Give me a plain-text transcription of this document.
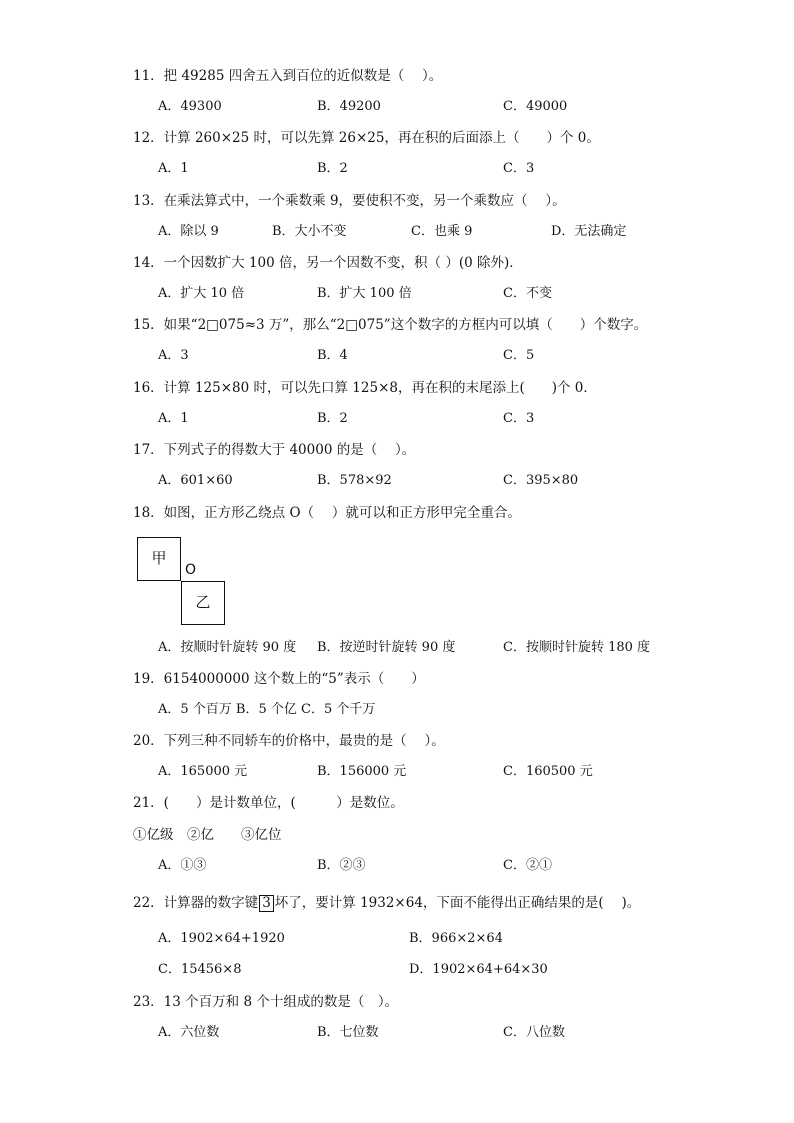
11．把 49285 四舍五入到百位的近似数是（　 ）。
A．49300	B．49200	C．49000
12．计算 260×25 时，可以先算 26×25，再在积的后面添上（　　）个 0。
A．1	B．2	C．3
13．在乘法算式中，一个乘数乘 9，要使积不变，另一个乘数应（　 ）。
A．除以 9	B．大小不变	C．也乘 9	D．无法确定
14．一个因数扩大 100 倍，另一个因数不变，积（ ）(0 除外)．
A．扩大 10 倍	B．扩大 100 倍	C．不变
15．如果“2□075≈3 万”，那么“2□075”这个数字的方框内可以填（　　）个数字。
A．3	B．4	C．5
16．计算 125×80 时，可以先口算 125×8，再在积的末尾添上(　　)个 0．
A．1	B．2	C．3
17．下列式子的得数大于 40000 的是（　 ）。
A．601×60	B．578×92	C．395×80
18．如图，正方形乙绕点 O（　 ）就可以和正方形甲完全重合。
甲
O
乙
A．按顺时针旋转 90 度 B．按逆时针旋转 90 度	C．按顺时针旋转 180 度
19．6154000000 这个数上的“5”表示（　　）
A．5 个百万 B．5 个亿 C．5 个千万
20．下列三种不同轿车的价格中，最贵的是（　 ）。
A．165000 元	B．156000 元	C．160500 元
21．(　　）是计数单位，(　　　）是数位。
①亿级　②亿　　③亿位
A．①③	B．②③	C．②①
22．计算器的数字键 3 坏了，要计算 1932×64，下面不能得出正确结果的是(　 )。
A．1902×64+1920	B．966×2×64
C．15456×8	D．1902×64+64×30
23．13 个百万和 8 个十组成的数是（　）。
A．六位数	B．七位数	C．八位数
